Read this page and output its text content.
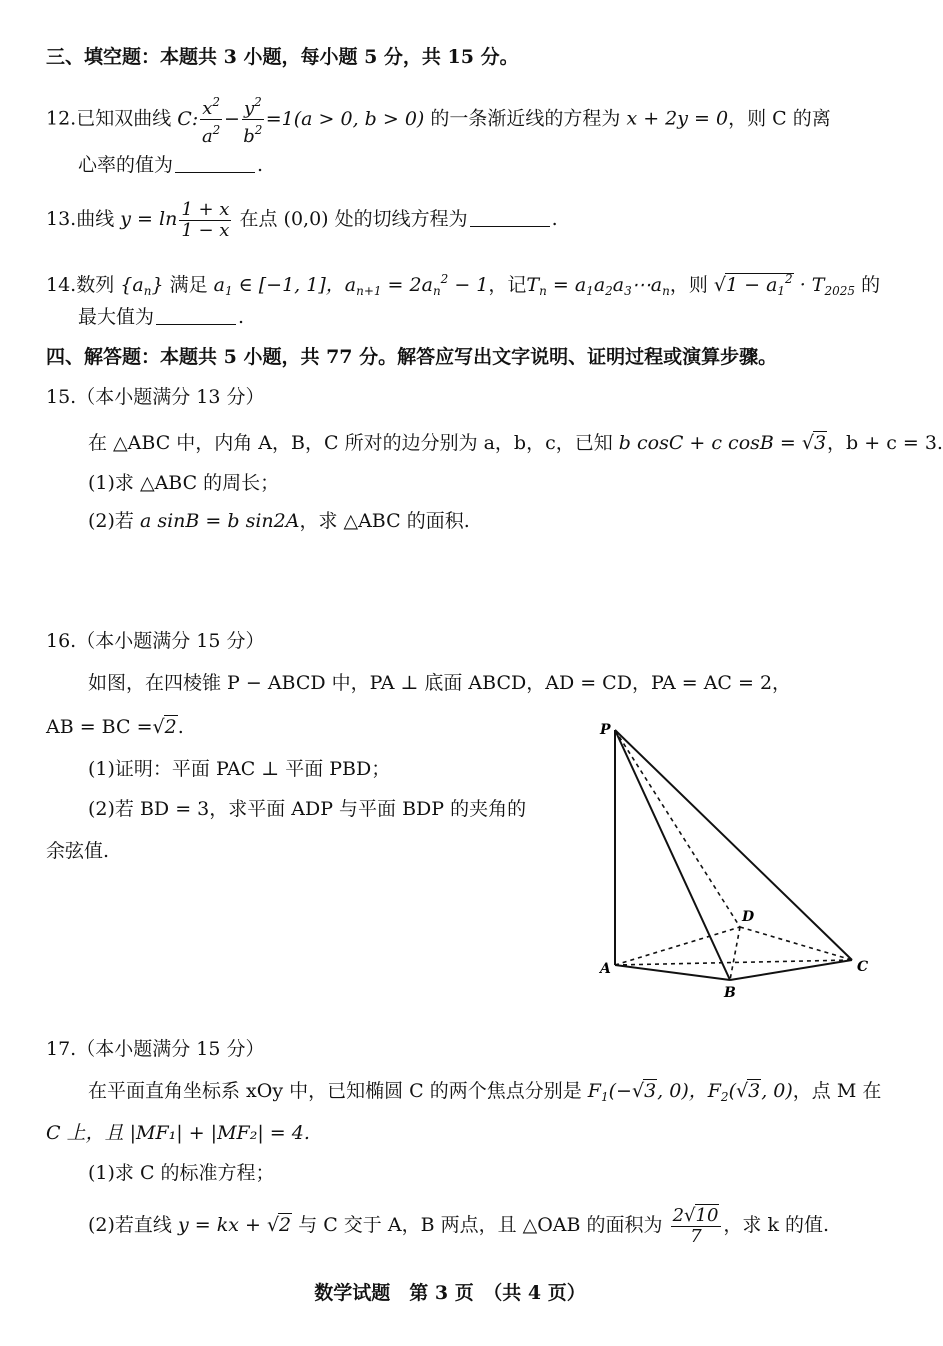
三、填空题：本题共 3 小题，每小题 5 分，共 15 分。
12.已知双曲线 C: $\frac{x^2}{a^2} - \frac{y^2}{b^2} =1(a > 0$, b > 0) 的一条渐近线的方程为 x + 2y = 0，则 C 的离
心率的值为	.
13.曲线 $y = \ln \frac{1 + x}{1 - x}$ 在点 (0,0) 处的切线方程为	.
14.数列 $\{a_n\}$ 满足 $a_1$ ∈ [−1, 1]，$a_{n+1} = 2a_n^2 - 1$，记$T_n$ = $a_1a_2a_3\cdots a_n$，则 $√1 - a_1^2 \cdot T_{2025}$ 的
最大值为	.
四、解答题：本题共 5 小题，共 77 分。解答应写出文字说明、证明过程或演算步骤。
15.（本小题满分 13 分）
在 △ABC 中，内角 A，B，C 所对的边分别为 a，b，c，已知 b cosC + c cosB = √3，b + c = 3.
(1)求 △ABC 的周长；
(2)若 a sinB = b sin2A，求 △ABC 的面积.
16.（本小题满分 15 分）
如图，在四棱锥 P − ABCD 中，PA ⊥ 底面 ABCD，AD = CD，PA = AC = 2，
AB = BC =√2.
(1)证明：平面 PAC ⊥ 平面 PBD；
(2)若 BD = 3，求平面 ADP 与平面 BDP 的夹角的
余弦值.
P
A
B
C
D
17.（本小题满分 15 分）
在平面直角坐标系 xOy 中，已知椭圆 C 的两个焦点分别是 $F_1(-√3$, 0)，$F_2(√3$, 0)，点 M 在
C 上，且 |MF₁| + |MF₂| = 4.
(1)求 C 的标准方程；
(2)若直线 y = kx + √2 与 C 交于 A，B 两点，且 △OAB 的面积为 $\frac{2√10}{7}$ ，求 k 的值.
数学试题　第 3 页　（共 4 页）
